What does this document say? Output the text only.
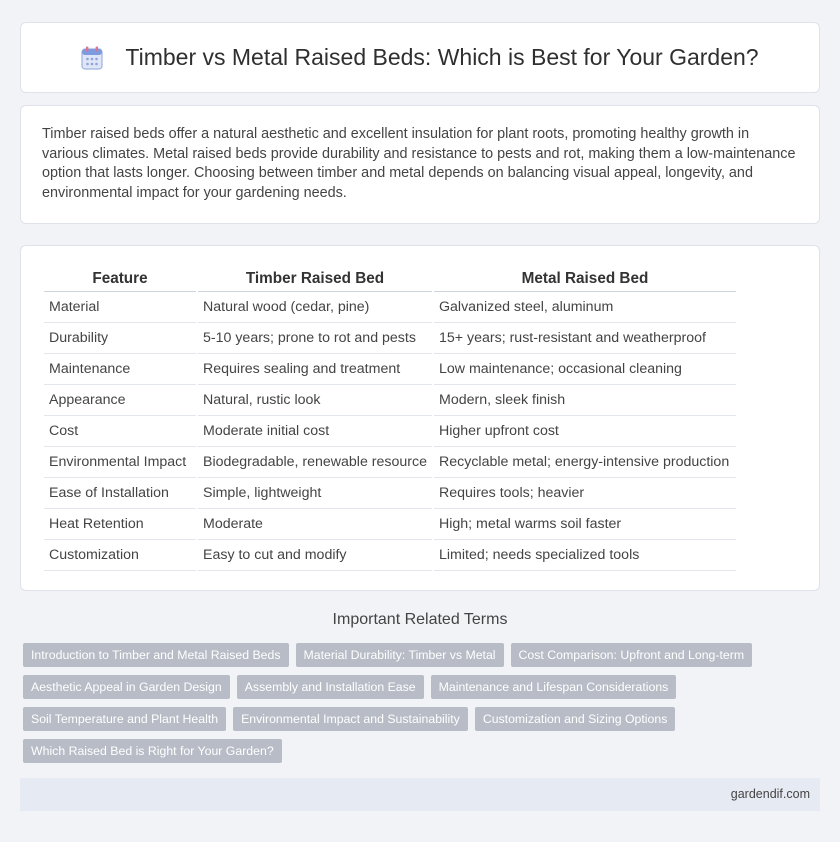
Timber vs Metal Raised Beds: Which is Best for Your Garden?

Timber raised beds offer a natural aesthetic and excellent insulation for plant roots, promoting healthy growth in various climates. Metal raised beds provide durability and resistance to pests and rot, making them a low-maintenance option that lasts longer. Choosing between timber and metal depends on balancing visual appeal, longevity, and environmental impact for your gardening needs.

Feature	Timber Raised Bed	Metal Raised Bed
Material	Natural wood (cedar, pine)	Galvanized steel, aluminum
Durability	5-10 years; prone to rot and pests	15+ years; rust-resistant and weatherproof
Maintenance	Requires sealing and treatment	Low maintenance; occasional cleaning
Appearance	Natural, rustic look	Modern, sleek finish
Cost	Moderate initial cost	Higher upfront cost
Environmental Impact	Biodegradable, renewable resource	Recyclable metal; energy-intensive production
Ease of Installation	Simple, lightweight	Requires tools; heavier
Heat Retention	Moderate	High; metal warms soil faster
Customization	Easy to cut and modify	Limited; needs specialized tools
Important Related Terms
Introduction to Timber and Metal Raised Beds	Material Durability: Timber vs Metal	Cost Comparison: Upfront and Long-term
Aesthetic Appeal in Garden Design	Assembly and Installation Ease	Maintenance and Lifespan Considerations
Soil Temperature and Plant Health	Environmental Impact and Sustainability	Customization and Sizing Options
Which Raised Bed is Right for Your Garden?
gardendif.com
